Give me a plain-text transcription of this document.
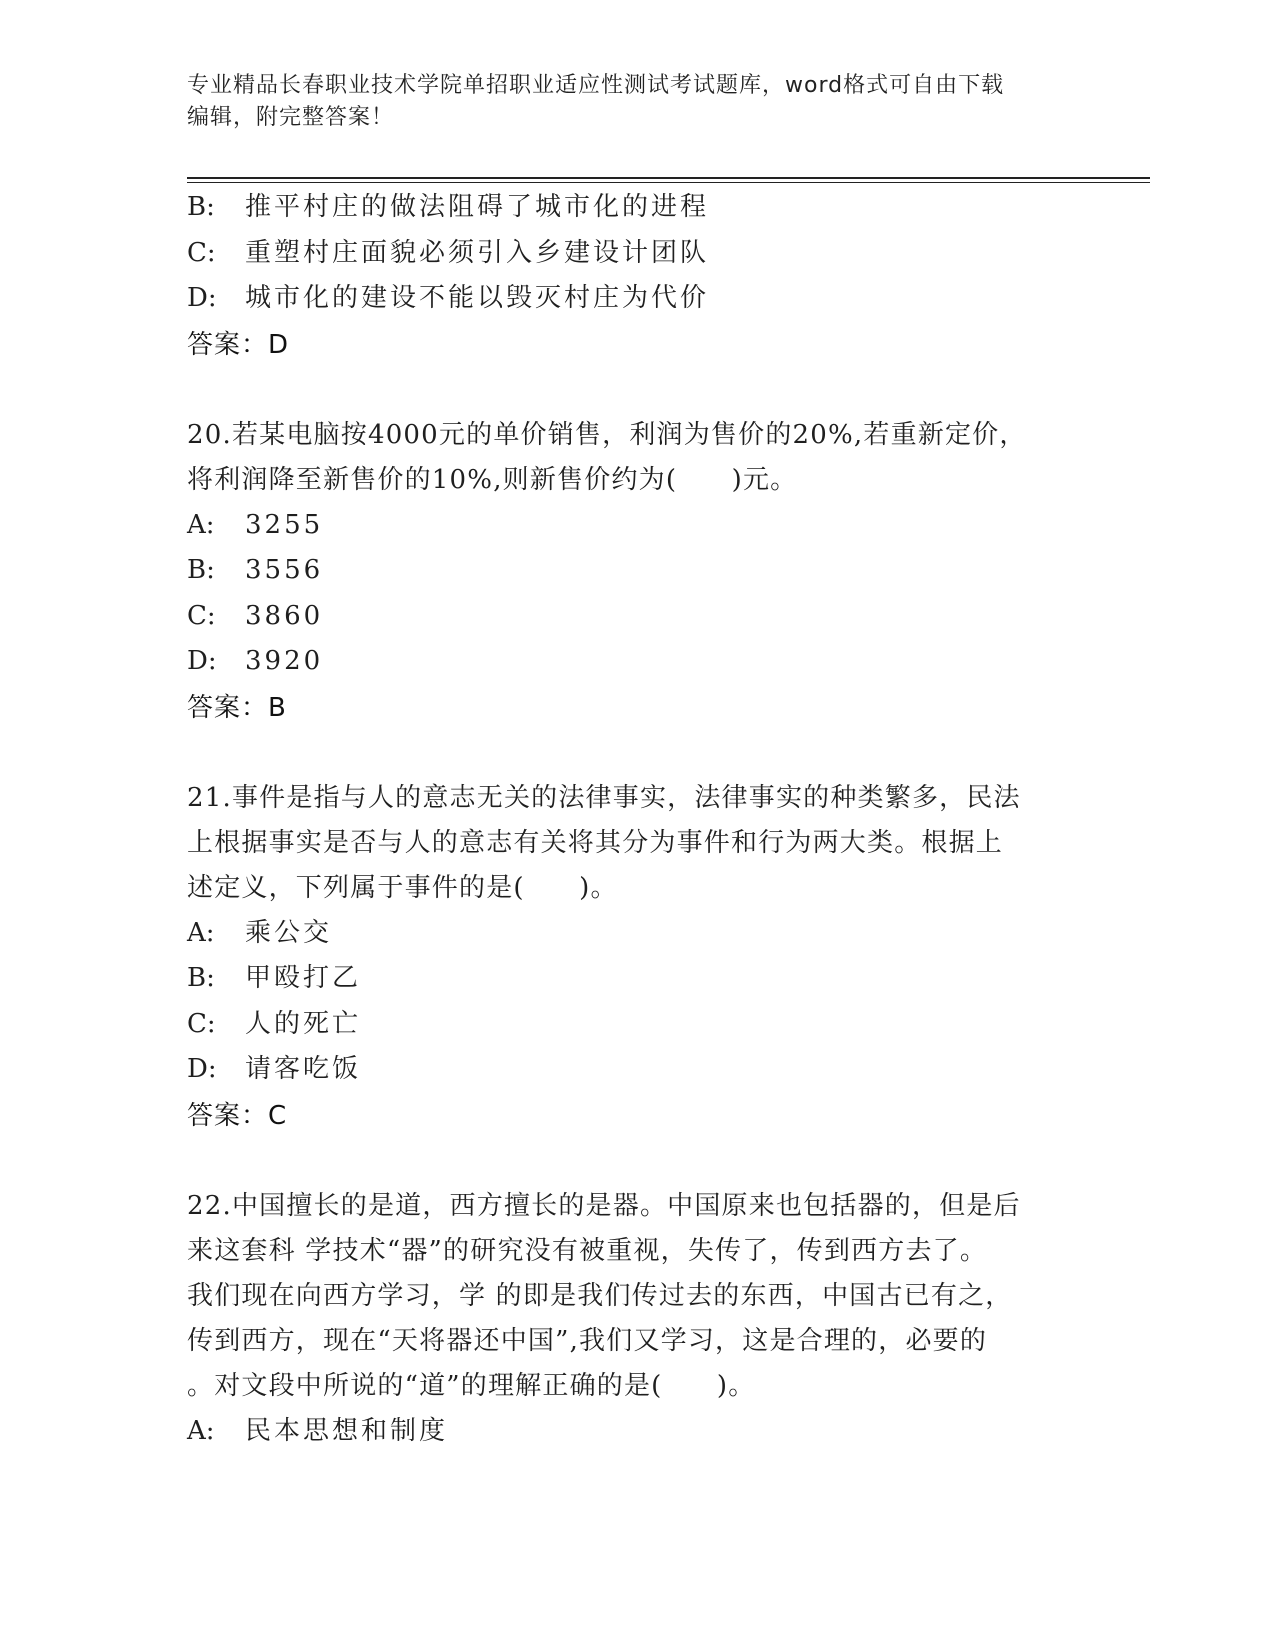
专业精品长春职业技术学院单招职业适应性测试考试题库，word格式可自由下载
编辑，附完整答案！
B:	推平村庄的做法阻碍了城市化的进程
C:	重塑村庄面貌必须引入乡建设计团队
D:	城市化的建设不能以毁灭村庄为代价
答案：D
20.若某电脑按4000元的单价销售，利润为售价的20%,若重新定价，
将利润降至新售价的10%,则新售价约为(　　)元。
A:	3255
B:	3556
C:	3860
D:	3920
答案：B
21.事件是指与人的意志无关的法律事实，法律事实的种类繁多，民法
上根据事实是否与人的意志有关将其分为事件和行为两大类。根据上
述定义，下列属于事件的是(　　)。
A:	乘公交
B:	甲殴打乙
C:	人的死亡
D:	请客吃饭
答案：C
22.中国擅长的是道，西方擅长的是器。中国原来也包括器的，但是后
来这套科 学技术“器”的研究没有被重视，失传了，传到西方去了。
我们现在向西方学习，学 的即是我们传过去的东西，中国古已有之，
传到西方，现在“天将器还中国”,我们又学习，这是合理的，必要的
。对文段中所说的“道”的理解正确的是(　　)。
A:	民本思想和制度
